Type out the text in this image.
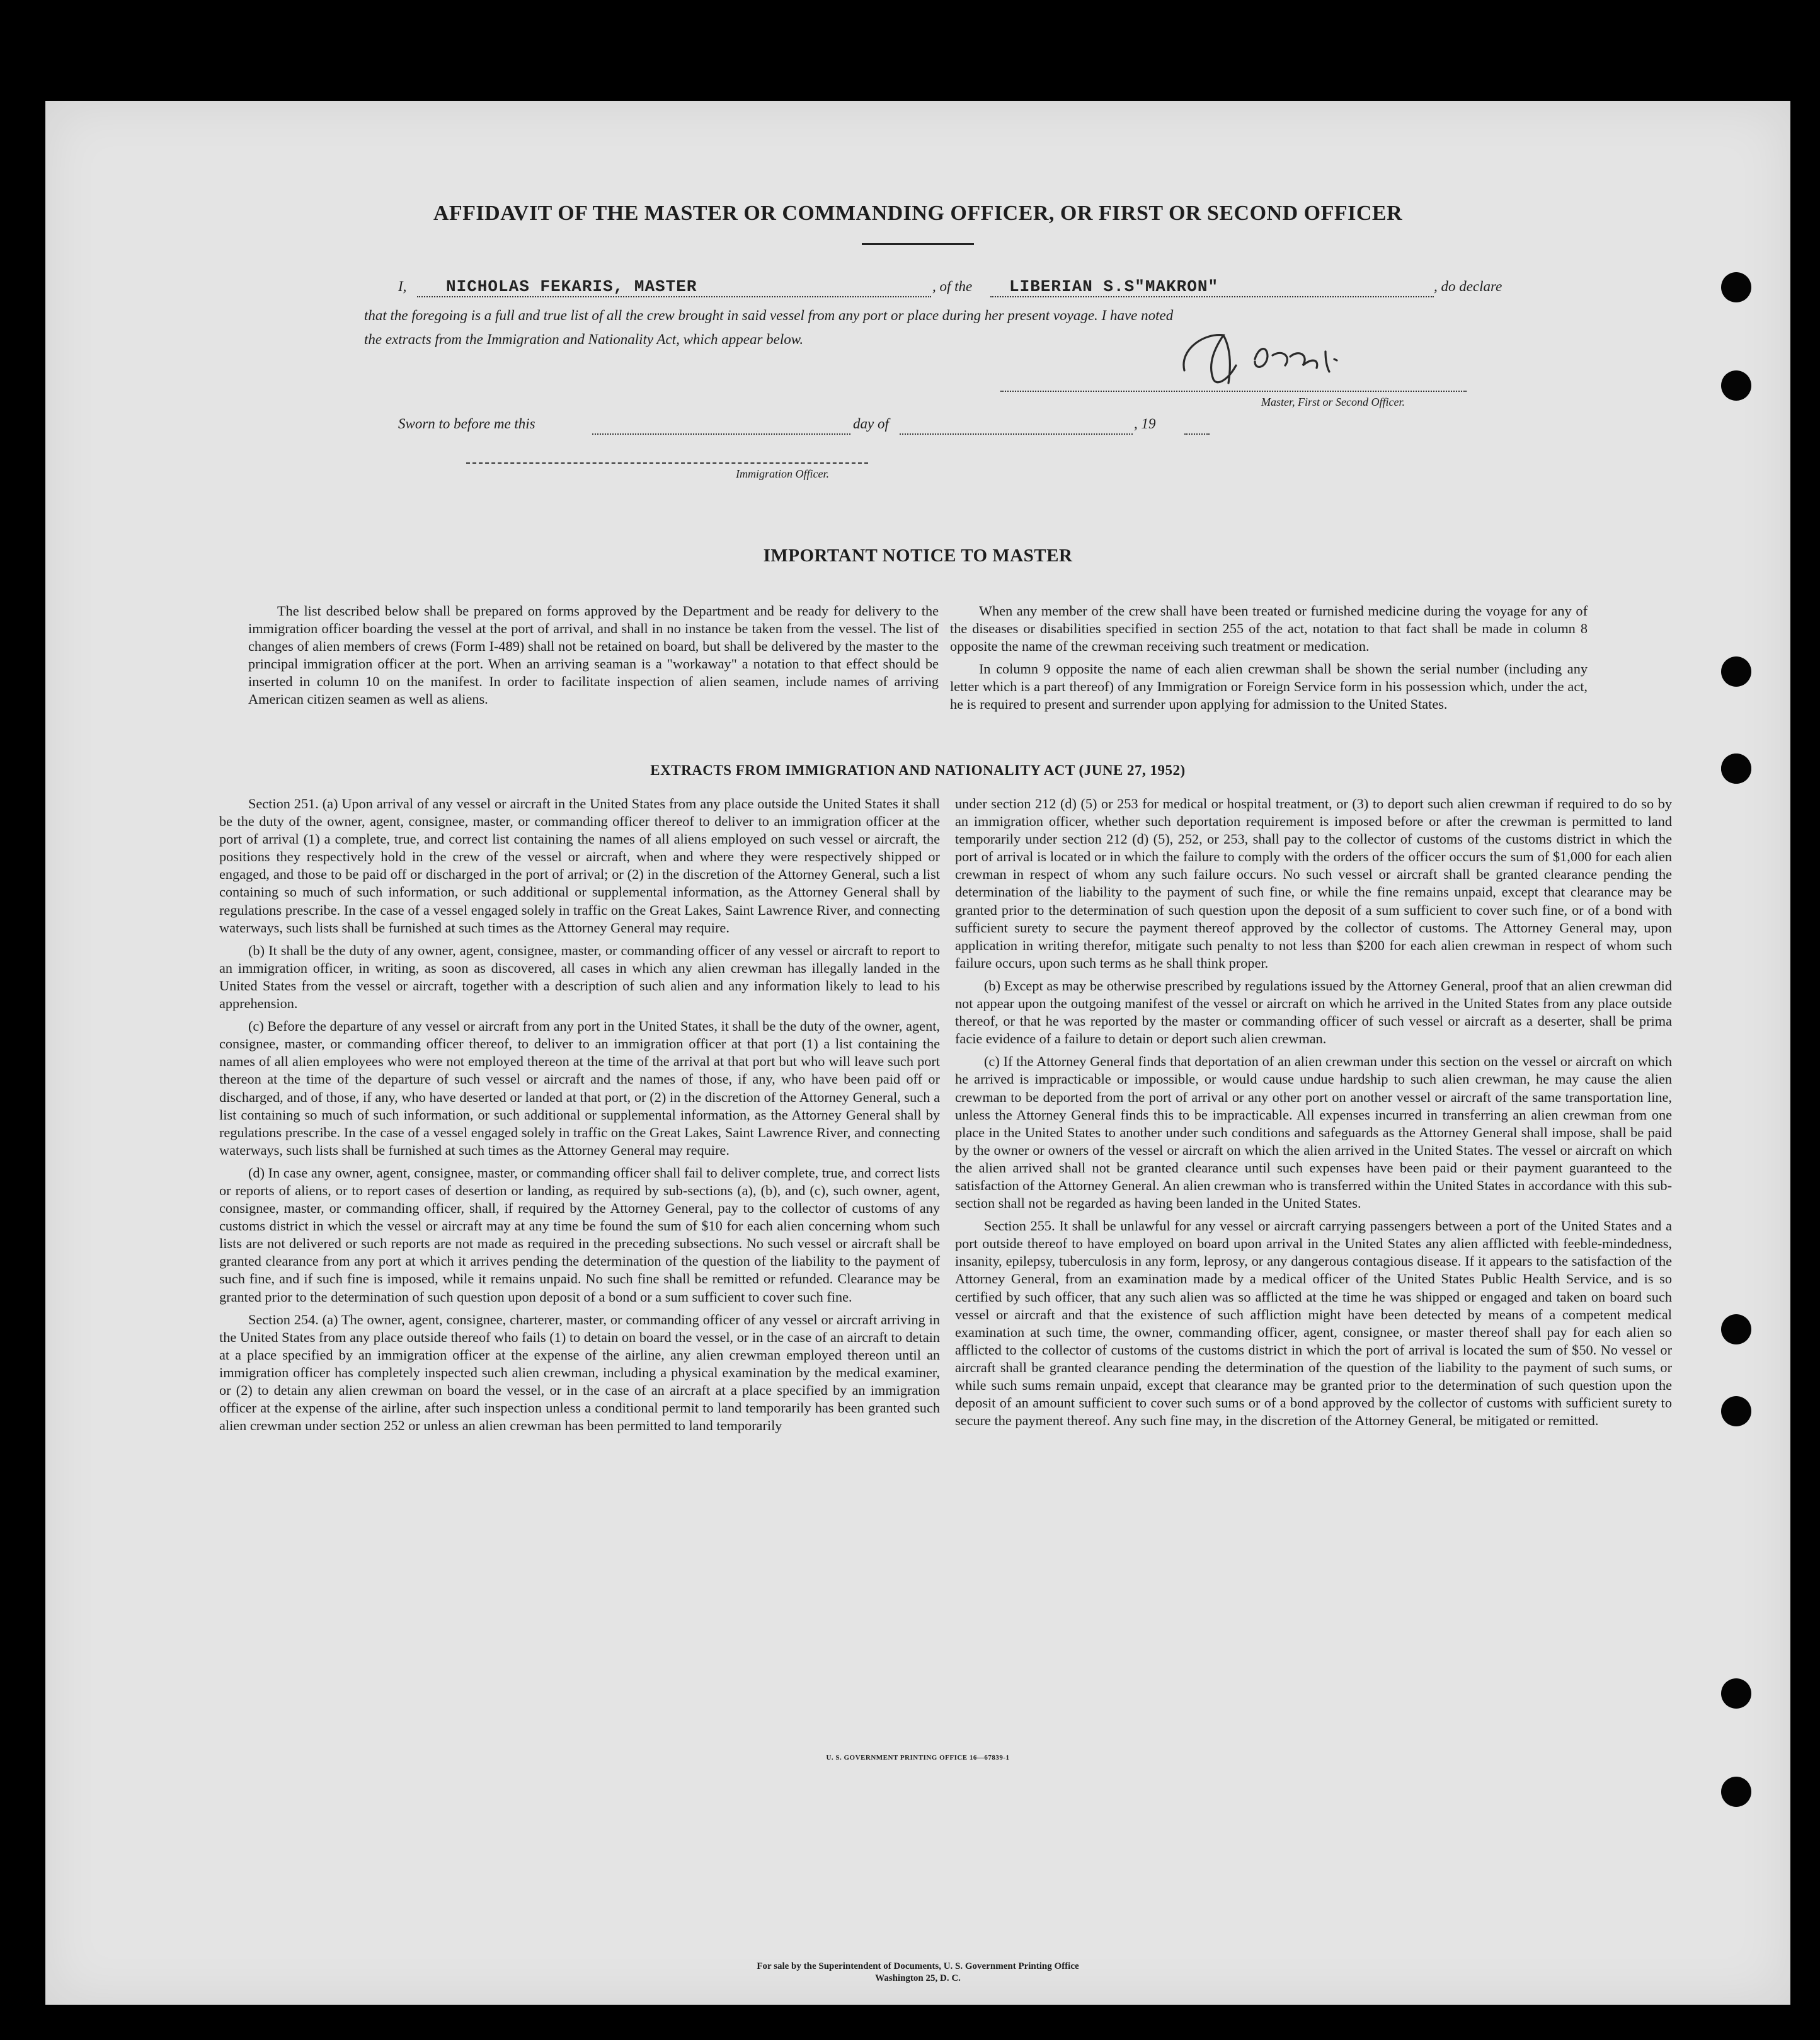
AFFIDAVIT OF THE MASTER OR COMMANDING OFFICER, OR FIRST OR SECOND OFFICER
I, NICHOLAS FEKARIS, MASTER	, of the LIBERIAN S.S"MAKRON"	, do declare
that the foregoing is a full and true list of all the crew brought in said vessel from any port or place during her present voyage. I have noted
the extracts from the Immigration and Nationality Act, which appear below.
Master, First or Second Officer.
Sworn to before me this	day of	, 19
Immigration Officer.
IMPORTANT NOTICE TO MASTER

The list described below shall be prepared on forms approved by the Department and be ready for delivery to the immigration officer boarding the vessel at the port of arrival, and shall in no instance be taken from the vessel. The list of changes of alien members of crews (Form I-489) shall not be retained on board, but shall be delivered by the master to the principal immigration officer at the port. When an arriving seaman is a "workaway" a notation to that effect should be inserted in column 10 on the manifest. In order to facilitate inspection of alien seamen, include names of arriving American citizen seamen as well as aliens.

When any member of the crew shall have been treated or furnished medicine during the voyage for any of the diseases or disabilities specified in section 255 of the act, notation to that fact shall be made in column 8 opposite the name of the crewman receiving such treatment or medication.

In column 9 opposite the name of each alien crewman shall be shown the serial number (including any letter which is a part thereof) of any Immigration or Foreign Service form in his possession which, under the act, he is required to present and surrender upon applying for admission to the United States.

EXTRACTS FROM IMMIGRATION AND NATIONALITY ACT (JUNE 27, 1952)

Section 251. (a) Upon arrival of any vessel or aircraft in the United States from any place outside the United States it shall be the duty of the owner, agent, consignee, master, or commanding officer thereof to deliver to an immigration officer at the port of arrival (1) a complete, true, and correct list containing the names of all aliens employed on such vessel or aircraft, the positions they respectively hold in the crew of the vessel or aircraft, when and where they were respectively shipped or engaged, and those to be paid off or discharged in the port of arrival; or (2) in the discretion of the Attorney General, such a list containing so much of such information, or such additional or supplemental information, as the Attorney General shall by regulations prescribe. In the case of a vessel engaged solely in traffic on the Great Lakes, Saint Lawrence River, and connecting waterways, such lists shall be furnished at such times as the Attorney General may require.

(b) It shall be the duty of any owner, agent, consignee, master, or commanding officer of any vessel or aircraft to report to an immigration officer, in writing, as soon as discovered, all cases in which any alien crewman has illegally landed in the United States from the vessel or aircraft, together with a description of such alien and any information likely to lead to his apprehension.

(c) Before the departure of any vessel or aircraft from any port in the United States, it shall be the duty of the owner, agent, consignee, master, or commanding officer thereof, to deliver to an immigration officer at that port (1) a list containing the names of all alien employees who were not employed thereon at the time of the arrival at that port but who will leave such port thereon at the time of the departure of such vessel or aircraft and the names of those, if any, who have been paid off or discharged, and of those, if any, who have deserted or landed at that port, or (2) in the discretion of the Attorney General, such a list containing so much of such information, or such additional or supplemental information, as the Attorney General shall by regulations prescribe. In the case of a vessel engaged solely in traffic on the Great Lakes, Saint Lawrence River, and connecting waterways, such lists shall be furnished at such times as the Attorney General may require.

(d) In case any owner, agent, consignee, master, or commanding officer shall fail to deliver complete, true, and correct lists or reports of aliens, or to report cases of desertion or landing, as required by sub-sections (a), (b), and (c), such owner, agent, consignee, master, or commanding officer, shall, if required by the Attorney General, pay to the collector of customs of any customs district in which the vessel or aircraft may at any time be found the sum of $10 for each alien concerning whom such lists are not delivered or such reports are not made as required in the preceding subsections. No such vessel or aircraft shall be granted clearance from any port at which it arrives pending the determination of the question of the liability to the payment of such fine, and if such fine is imposed, while it remains unpaid. No such fine shall be remitted or refunded. Clearance may be granted prior to the determination of such question upon deposit of a bond or a sum sufficient to cover such fine.

Section 254. (a) The owner, agent, consignee, charterer, master, or commanding officer of any vessel or aircraft arriving in the United States from any place outside thereof who fails (1) to detain on board the vessel, or in the case of an aircraft to detain at a place specified by an immigration officer at the expense of the airline, any alien crewman employed thereon until an immigration officer has completely inspected such alien crewman, including a physical examination by the medical examiner, or (2) to detain any alien crewman on board the vessel, or in the case of an aircraft at a place specified by an immigration officer at the expense of the airline, after such inspection unless a conditional permit to land temporarily has been granted such alien crewman under section 252 or unless an alien crewman has been permitted to land temporarily

under section 212 (d) (5) or 253 for medical or hospital treatment, or (3) to deport such alien crewman if required to do so by an immigration officer, whether such deportation requirement is imposed before or after the crewman is permitted to land temporarily under section 212 (d) (5), 252, or 253, shall pay to the collector of customs of the customs district in which the port of arrival is located or in which the failure to comply with the orders of the officer occurs the sum of $1,000 for each alien crewman in respect of whom any such failure occurs. No such vessel or aircraft shall be granted clearance pending the determination of the liability to the payment of such fine, or while the fine remains unpaid, except that clearance may be granted prior to the determination of such question upon the deposit of a sum sufficient to cover such fine, or of a bond with sufficient surety to secure the payment thereof approved by the collector of customs. The Attorney General may, upon application in writing therefor, mitigate such penalty to not less than $200 for each alien crewman in respect of whom such failure occurs, upon such terms as he shall think proper.

(b) Except as may be otherwise prescribed by regulations issued by the Attorney General, proof that an alien crewman did not appear upon the outgoing manifest of the vessel or aircraft on which he arrived in the United States from any place outside thereof, or that he was reported by the master or commanding officer of such vessel or aircraft as a deserter, shall be prima facie evidence of a failure to detain or deport such alien crewman.

(c) If the Attorney General finds that deportation of an alien crewman under this section on the vessel or aircraft on which he arrived is impracticable or impossible, or would cause undue hardship to such alien crewman, he may cause the alien crewman to be deported from the port of arrival or any other port on another vessel or aircraft of the same transportation line, unless the Attorney General finds this to be impracticable. All expenses incurred in transferring an alien crewman from one place in the United States to another under such conditions and safeguards as the Attorney General shall impose, shall be paid by the owner or owners of the vessel or aircraft on which the alien arrived in the United States. The vessel or aircraft on which the alien arrived shall not be granted clearance until such expenses have been paid or their payment guaranteed to the satisfaction of the Attorney General. An alien crewman who is transferred within the United States in accordance with this sub-section shall not be regarded as having been landed in the United States.

Section 255. It shall be unlawful for any vessel or aircraft carrying passengers between a port of the United States and a port outside thereof to have employed on board upon arrival in the United States any alien afflicted with feeble-mindedness, insanity, epilepsy, tuberculosis in any form, leprosy, or any dangerous contagious disease. If it appears to the satisfaction of the Attorney General, from an examination made by a medical officer of the United States Public Health Service, and is so certified by such officer, that any such alien was so afflicted at the time he was shipped or engaged and taken on board such vessel or aircraft and that the existence of such affliction might have been detected by means of a competent medical examination at such time, the owner, commanding officer, agent, consignee, or master thereof shall pay for each alien so afflicted to the collector of customs of the customs district in which the port of arrival is located the sum of $50. No vessel or aircraft shall be granted clearance pending the determination of the question of the liability to the payment of such sums, or while such sums remain unpaid, except that clearance may be granted prior to the determination of such question upon the deposit of an amount sufficient to cover such sums or of a bond approved by the collector of customs with sufficient surety to secure the payment thereof. Any such fine may, in the discretion of the Attorney General, be mitigated or remitted.

U. S. GOVERNMENT PRINTING OFFICE 16—67839-1
For sale by the Superintendent of Documents, U. S. Government Printing Office
Washington 25, D. C.
